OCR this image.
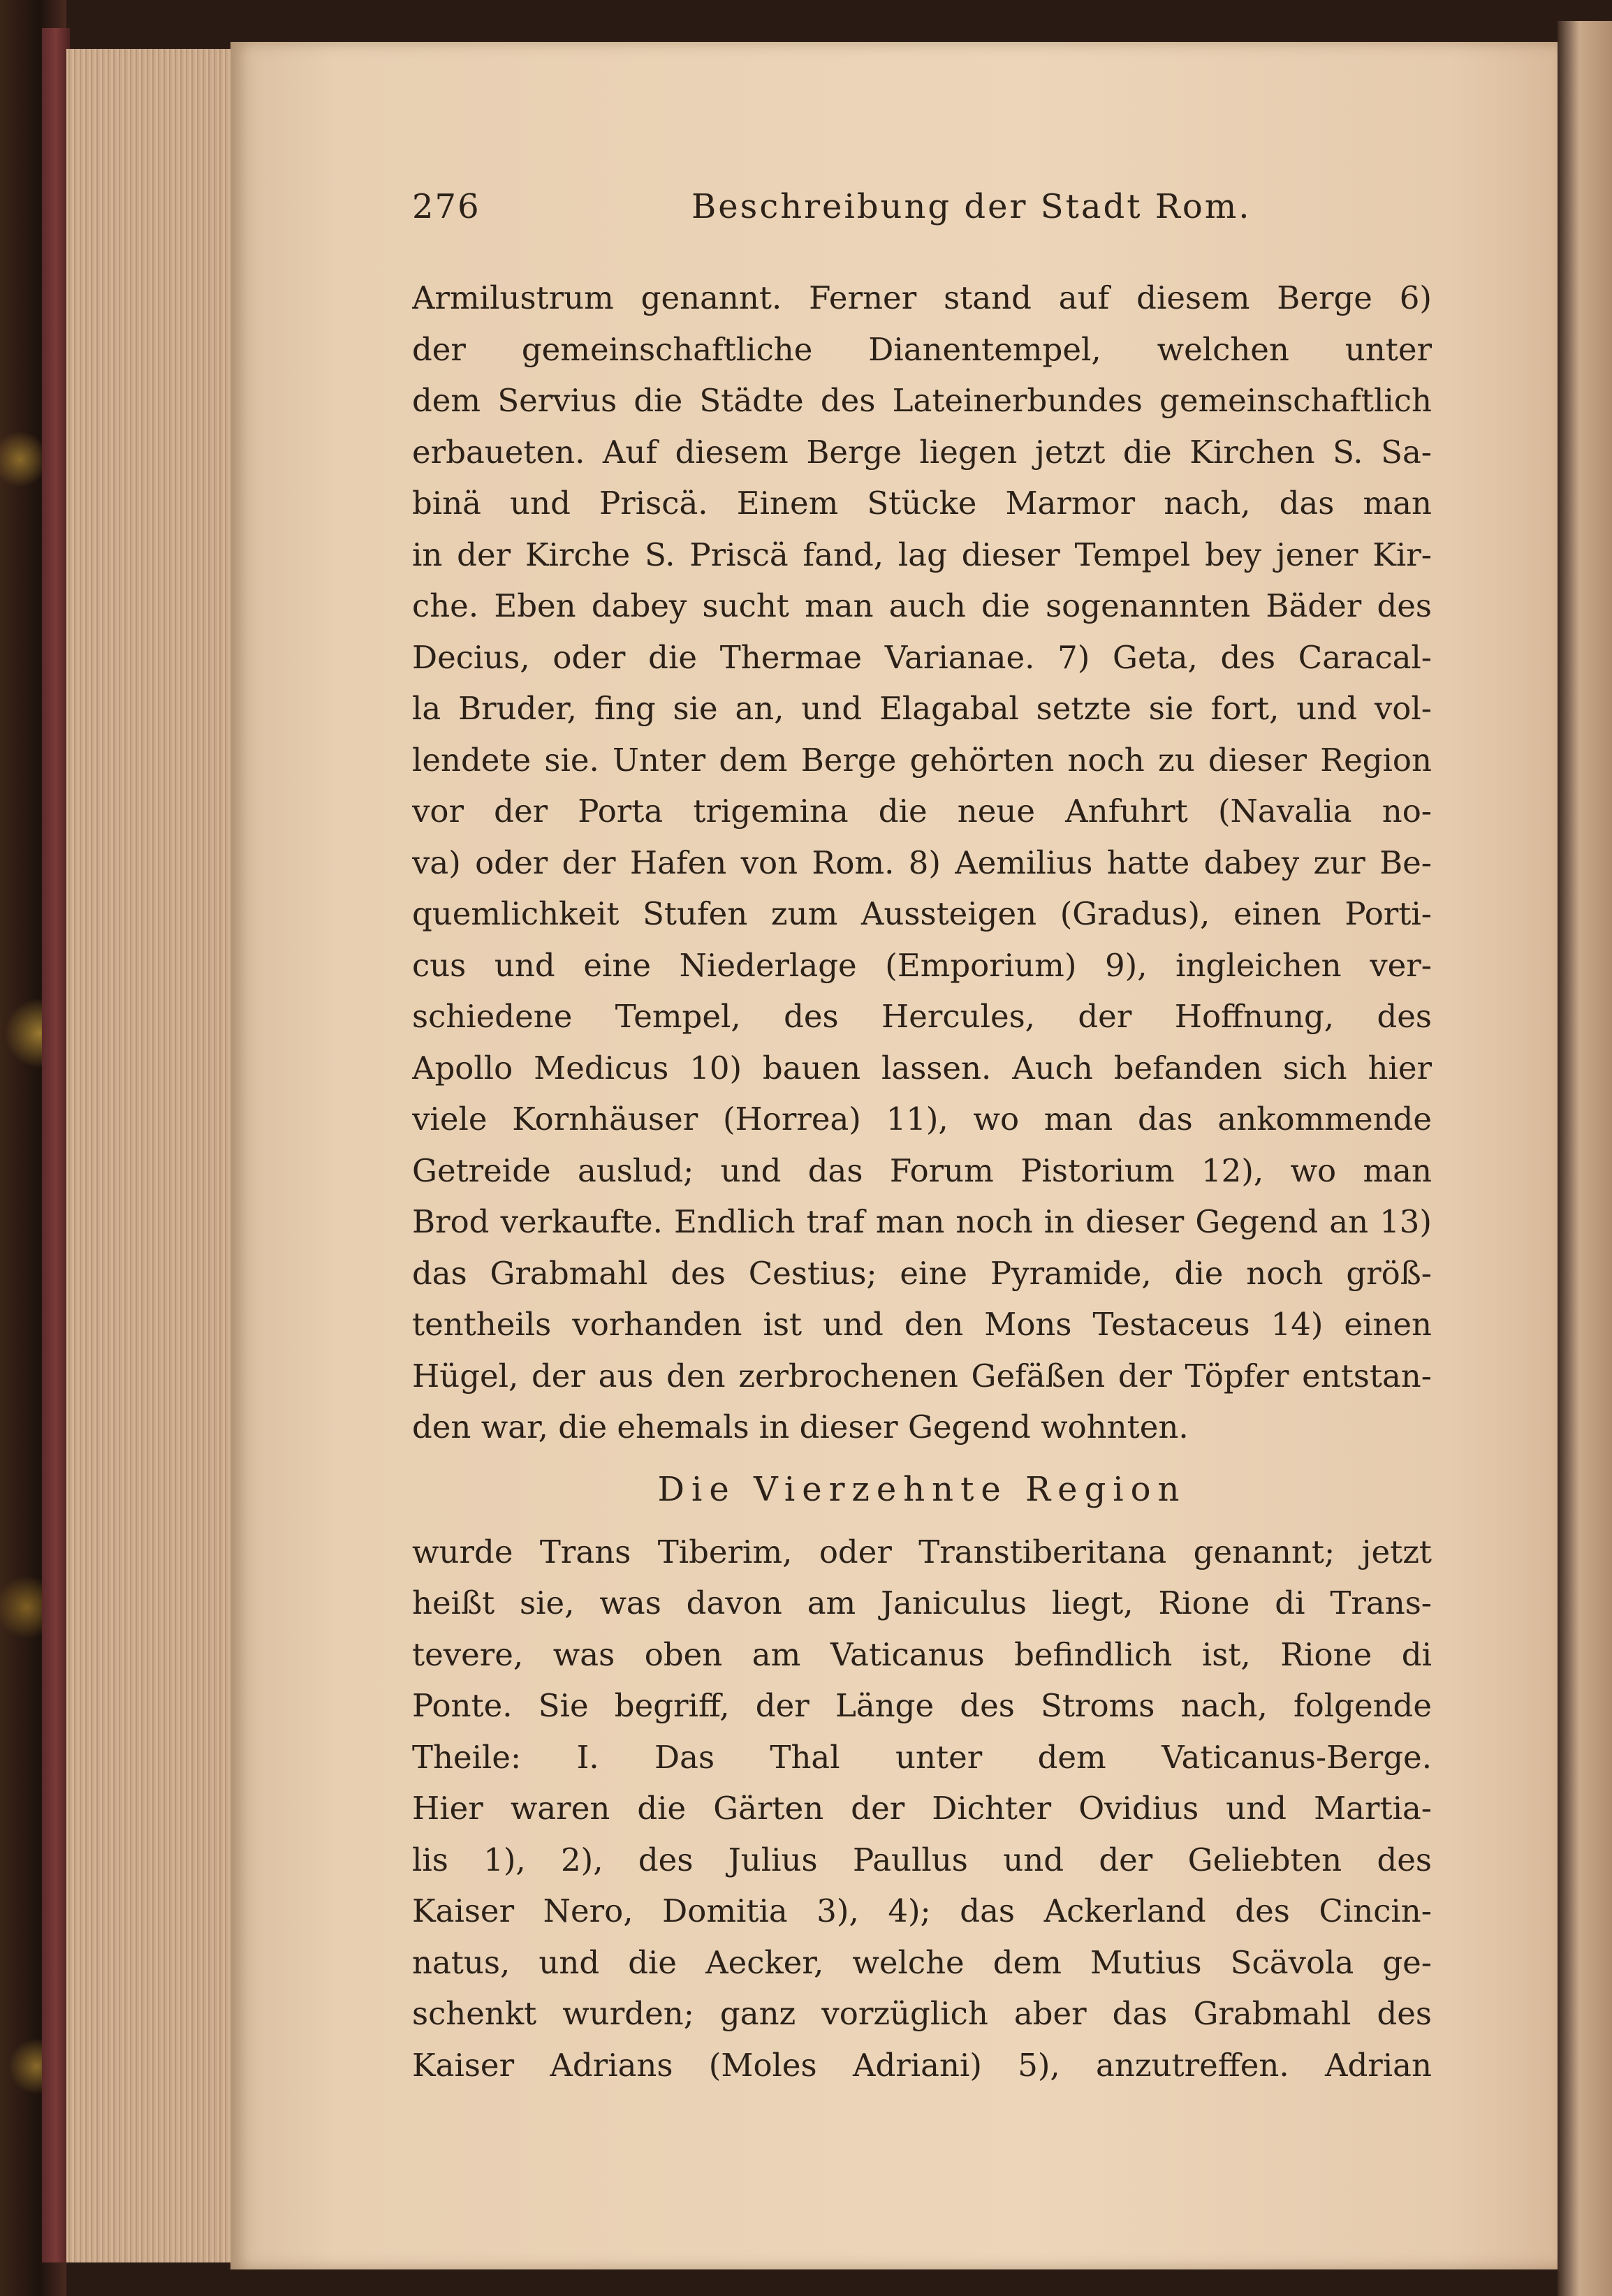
276	Beschreibung der Stadt Rom.
Armilustrum genannt. Ferner stand auf diesem Berge 6)
der gemeinschaftliche Dianentempel, welchen unter
dem Servius die Städte des Lateinerbundes gemeinschaftlich
erbaueten. Auf diesem Berge liegen jetzt die Kirchen S. Sa-
binä und Priscä. Einem Stücke Marmor nach, das man
in der Kirche S. Priscä fand, lag dieser Tempel bey jener Kir-
che. Eben dabey sucht man auch die sogenannten Bäder des
Decius, oder die Thermae Varianae. 7) Geta, des Caracal-
la Bruder, fing sie an, und Elagabal setzte sie fort, und vol-
lendete sie. Unter dem Berge gehörten noch zu dieser Region
vor der Porta trigemina die neue Anfuhrt (Navalia no-
va) oder der Hafen von Rom. 8) Aemilius hatte dabey zur Be-
quemlichkeit Stufen zum Aussteigen (Gradus), einen Porti-
cus und eine Niederlage (Emporium) 9), ingleichen ver-
schiedene Tempel, des Hercules, der Hoffnung, des
Apollo Medicus 10) bauen lassen. Auch befanden sich hier
viele Kornhäuser (Horrea) 11), wo man das ankommende
Getreide auslud; und das Forum Pistorium 12), wo man
Brod verkaufte. Endlich traf man noch in dieser Gegend an 13)
das Grabmahl des Cestius; eine Pyramide, die noch größ-
tentheils vorhanden ist und den Mons Testaceus 14) einen
Hügel, der aus den zerbrochenen Gefäßen der Töpfer entstan-
den war, die ehemals in dieser Gegend wohnten.
Die Vierzehnte Region
wurde Trans Tiberim, oder Transtiberitana genannt; jetzt
heißt sie, was davon am Janiculus liegt, Rione di Trans-
tevere, was oben am Vaticanus befindlich ist, Rione di
Ponte. Sie begriff, der Länge des Stroms nach, folgende
Theile: I. Das Thal unter dem Vaticanus-Berge.
Hier waren die Gärten der Dichter Ovidius und Martia-
lis 1), 2), des Julius Paullus und der Geliebten des
Kaiser Nero, Domitia 3), 4); das Ackerland des Cincin-
natus, und die Aecker, welche dem Mutius Scävola ge-
schenkt wurden; ganz vorzüglich aber das Grabmahl des
Kaiser Adrians (Moles Adriani) 5), anzutreffen. Adrian
